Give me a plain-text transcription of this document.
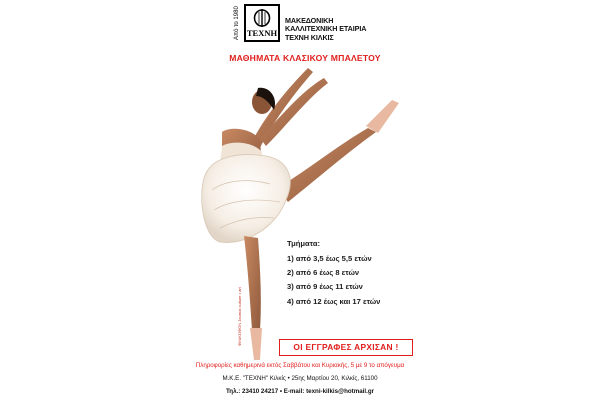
Από το 1980 ΤΕΧΝΗ
ΜΑΚΕΔΟΝΙΚΗ
ΚΑΛΛΙΤΕΧΝΙΚΗ ΕΤΑΙΡΙΑ
ΤΕΧΝΗ ΚΙΛΚΙΣ
ΜΑΘΗΜΑΤΑ ΚΛΑΣΙΚΟΥ ΜΠΑΛΕΤΟΥ
Τμήματα:
1) από 3,5 έως 5,5 ετών
2) από 6 έως 8 ετών
3) από 9 έως 11 ετών
4) από 12 έως και 17 ετών
ΦΙΝΙΚΟΦΟΝ Journal culture • art
ΟΙ ΕΓΓΡΑΦΕΣ ΑΡΧΙΣΑΝ !
Πληροφορίες καθημερινά εκτός Σαββάτου και Κυριακής, 5 με 9 το απόγευμα
Μ.Κ.Ε. "ΤΕΧΝΗ" Κιλκίς • 25ης Μαρτίου 20, Κιλκίς, 61100
Τηλ.: 23410 24217 • E-mail: texni-kilkis@hotmail.gr
